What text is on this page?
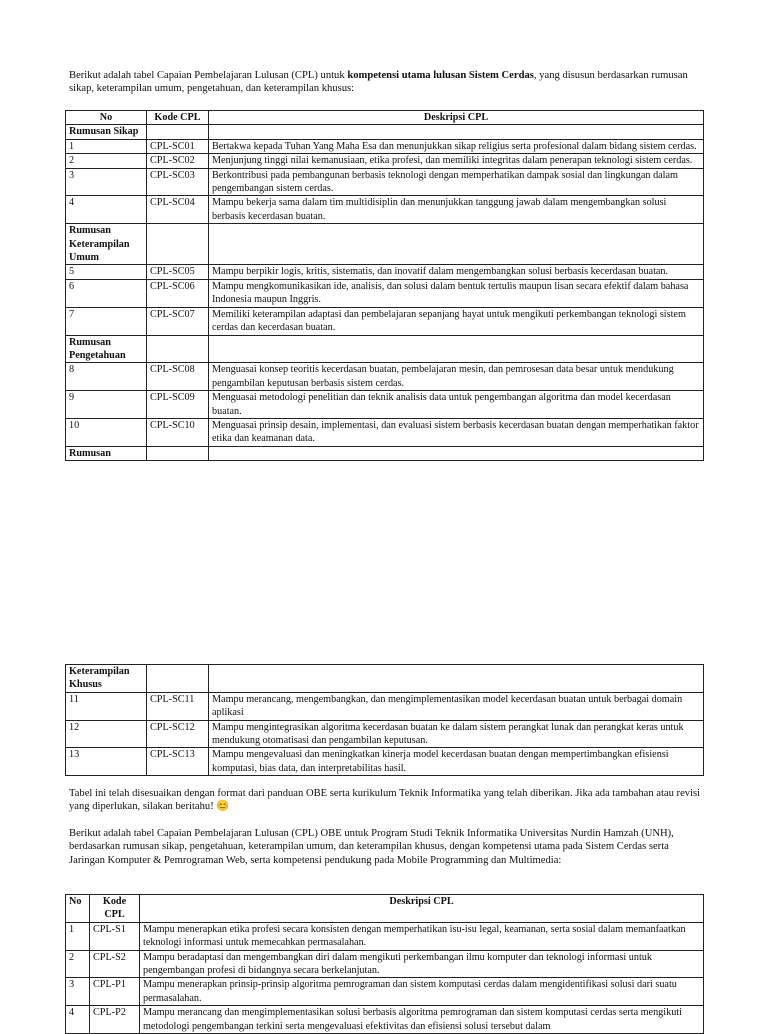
Berikut adalah tabel Capaian Pembelajaran Lulusan (CPL) untuk kompetensi utama lulusan Sistem Cerdas, yang disusun berdasarkan rumusan sikap, keterampilan umum, pengetahuan, dan keterampilan khusus:

No	Kode CPL	Deskripsi CPL
Rumusan Sikap		
1	CPL-SC01	Bertakwa kepada Tuhan Yang Maha Esa dan menunjukkan sikap religius serta profesional dalam bidang sistem cerdas.
2	CPL-SC02	Menjunjung tinggi nilai kemanusiaan, etika profesi, dan memiliki integritas dalam penerapan teknologi sistem cerdas.
3	CPL-SC03	Berkontribusi pada pembangunan berbasis teknologi dengan memperhatikan dampak sosial dan lingkungan dalam pengembangan sistem cerdas.
4	CPL-SC04	Mampu bekerja sama dalam tim multidisiplin dan menunjukkan tanggung jawab dalam mengembangkan solusi berbasis kecerdasan buatan.
Rumusan Keterampilan Umum		
5	CPL-SC05	Mampu berpikir logis, kritis, sistematis, dan inovatif dalam mengembangkan solusi berbasis kecerdasan buatan.
6	CPL-SC06	Mampu mengkomunikasikan ide, analisis, dan solusi dalam bentuk tertulis maupun lisan secara efektif dalam bahasa Indonesia maupun Inggris.
7	CPL-SC07	Memiliki keterampilan adaptasi dan pembelajaran sepanjang hayat untuk mengikuti perkembangan teknologi sistem cerdas dan kecerdasan buatan.
Rumusan Pengetahuan		
8	CPL-SC08	Menguasai konsep teoritis kecerdasan buatan, pembelajaran mesin, dan pemrosesan data besar untuk mendukung pengambilan keputusan berbasis sistem cerdas.
9	CPL-SC09	Menguasai metodologi penelitian dan teknik analisis data untuk pengembangan algoritma dan model kecerdasan buatan.
10	CPL-SC10	Menguasai prinsip desain, implementasi, dan evaluasi sistem berbasis kecerdasan buatan dengan memperhatikan faktor etika dan keamanan data.
Rumusan		
Keterampilan Khusus		
11	CPL-SC11	Mampu merancang, mengembangkan, dan mengimplementasikan model kecerdasan buatan untuk berbagai domain aplikasi
12	CPL-SC12	Mampu mengintegrasikan algoritma kecerdasan buatan ke dalam sistem perangkat lunak dan perangkat keras untuk mendukung otomatisasi dan pengambilan keputusan.
13	CPL-SC13	Mampu mengevaluasi dan meningkatkan kinerja model kecerdasan buatan dengan mempertimbangkan efisiensi komputasi, bias data, dan interpretabilitas hasil.

Tabel ini telah disesuaikan dengan format dari panduan OBE serta kurikulum Teknik Informatika yang telah diberikan. Jika ada tambahan atau revisi yang diperlukan, silakan beritahu! 😊

Berikut adalah tabel Capaian Pembelajaran Lulusan (CPL) OBE untuk Program Studi Teknik Informatika Universitas Nurdin Hamzah (UNH), berdasarkan rumusan sikap, pengetahuan, keterampilan umum, dan keterampilan khusus, dengan kompetensi utama pada Sistem Cerdas serta Jaringan Komputer & Pemrograman Web, serta kompetensi pendukung pada Mobile Programming dan Multimedia:

No	Kode CPL	Deskripsi CPL
1	CPL-S1	Mampu menerapkan etika profesi secara konsisten dengan memperhatikan isu-isu legal, keamanan, serta sosial dalam memanfaatkan teknologi informasi untuk memecahkan permasalahan.
2	CPL-S2	Mampu beradaptasi dan mengembangkan diri dalam mengikuti perkembangan ilmu komputer dan teknologi informasi untuk pengembangan profesi di bidangnya secara berkelanjutan.
3	CPL-P1	Mampu menerapkan prinsip-prinsip algoritma pemrograman dan sistem komputasi cerdas dalam mengidentifikasi solusi dari suatu permasalahan.
4	CPL-P2	Mampu merancang dan mengimplementasikan solusi berbasis algoritma pemrograman dan sistem komputasi cerdas serta mengikuti metodologi pengembangan terkini serta mengevaluasi efektivitas dan efisiensi solusi tersebut dalam
